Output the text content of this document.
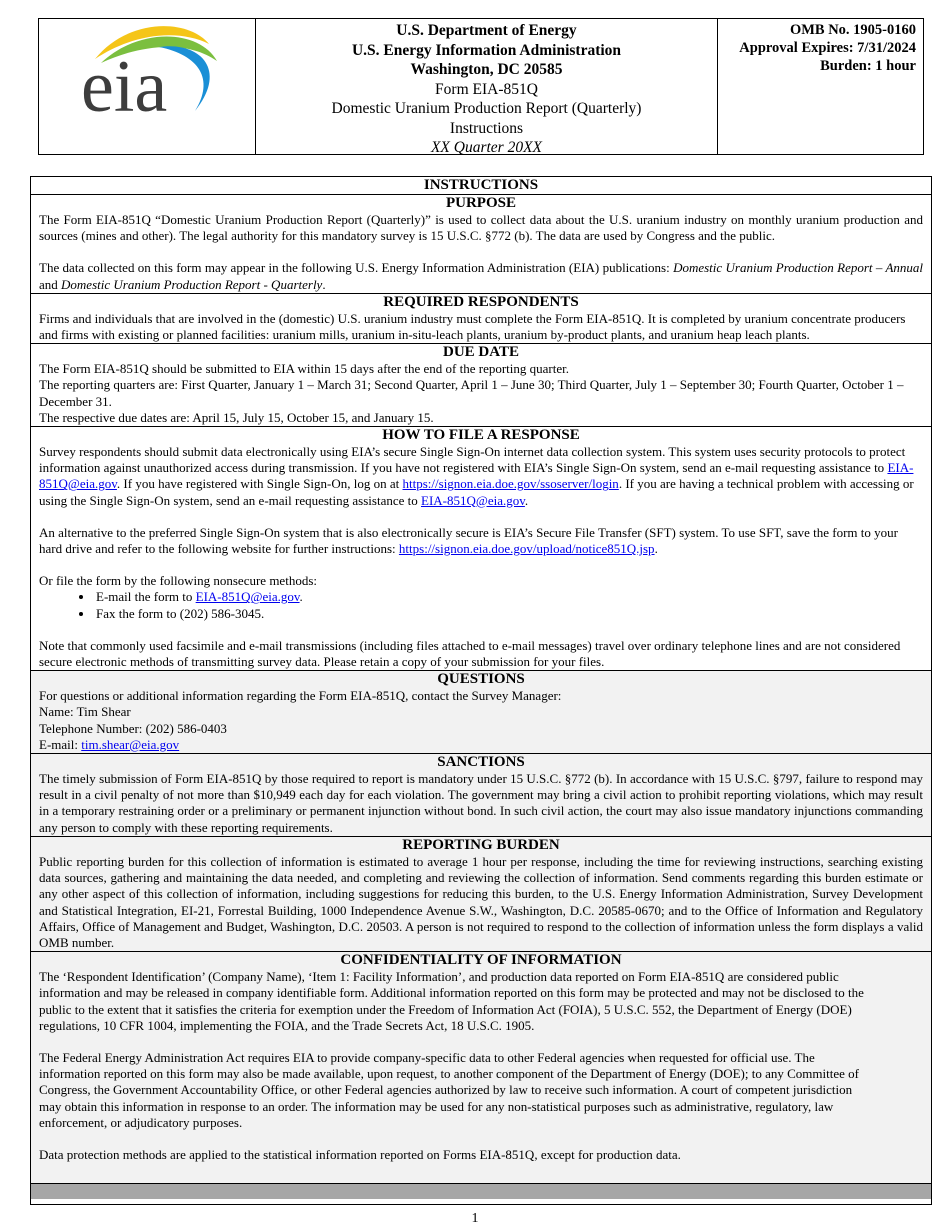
eia
U.S. Department of Energy
U.S. Energy Information Administration
Washington, DC 20585
Form EIA-851Q
Domestic Uranium Production Report (Quarterly)
Instructions
XX Quarter 20XX
OMB No. 1905-0160
Approval Expires: 7/31/2024
Burden: 1 hour
INSTRUCTIONS
PURPOSE

The Form EIA-851Q “Domestic Uranium Production Report (Quarterly)” is used to collect data about the U.S. uranium industry on monthly uranium production and sources (mines and other). The legal authority for this mandatory survey is 15 U.S.C. §772 (b). The data are used by Congress and the public.

The data collected on this form may appear in the following U.S. Energy Information Administration (EIA) publications: Domestic Uranium Production Report – Annual and Domestic Uranium Production Report - Quarterly.

REQUIRED RESPONDENTS

Firms and individuals that are involved in the (domestic) U.S. uranium industry must complete the Form EIA-851Q. It is completed by uranium concentrate producers and firms with existing or planned facilities: uranium mills, uranium in-situ-leach plants, uranium by-product plants, and uranium heap leach plants.

DUE DATE

The Form EIA-851Q should be submitted to EIA within 15 days after the end of the reporting quarter.

The reporting quarters are: First Quarter, January 1 – March 31; Second Quarter, April 1 – June 30; Third Quarter, July 1 – September 30; Fourth Quarter, October 1 – December 31.

The respective due dates are: April 15, July 15, October 15, and January 15.

HOW TO FILE A RESPONSE

Survey respondents should submit data electronically using EIA’s secure Single Sign-On internet data collection system. This system uses security protocols to protect information against unauthorized access during transmission. If you have not registered with EIA’s Single Sign-On system, send an e-mail requesting assistance to EIA-851Q@eia.gov. If you have registered with Single Sign-On, log on at https://signon.eia.doe.gov/ssoserver/login. If you are having a technical problem with accessing or using the Single Sign-On system, send an e-mail requesting assistance to EIA-851Q@eia.gov.

An alternative to the preferred Single Sign-On system that is also electronically secure is EIA’s Secure File Transfer (SFT) system. To use SFT, save the form to your hard drive and refer to the following website for further instructions: https://signon.eia.doe.gov/upload/notice851Q.jsp.

Or file the form by the following nonsecure methods:

• E-mail the form to EIA-851Q@eia.gov.
• Fax the form to (202) 586-3045.

Note that commonly used facsimile and e-mail transmissions (including files attached to e-mail messages) travel over ordinary telephone lines and are not considered secure electronic methods of transmitting survey data. Please retain a copy of your submission for your files.

QUESTIONS

For questions or additional information regarding the Form EIA-851Q, contact the Survey Manager:

Name: Tim Shear

Telephone Number: (202) 586-0403

E-mail: tim.shear@eia.gov

SANCTIONS

The timely submission of Form EIA-851Q by those required to report is mandatory under 15 U.S.C. §772 (b). In accordance with 15 U.S.C. §797, failure to respond may result in a civil penalty of not more than $10,949 each day for each violation. The government may bring a civil action to prohibit reporting violations, which may result in a temporary restraining order or a preliminary or permanent injunction without bond. In such civil action, the court may also issue mandatory injunctions commanding any person to comply with these reporting requirements.

REPORTING BURDEN

Public reporting burden for this collection of information is estimated to average 1 hour per response, including the time for reviewing instructions, searching existing data sources, gathering and maintaining the data needed, and completing and reviewing the collection of information. Send comments regarding this burden estimate or any other aspect of this collection of information, including suggestions for reducing this burden, to the U.S. Energy Information Administration, Survey Development and Statistical Integration, EI-21, Forrestal Building, 1000 Independence Avenue S.W., Washington, D.C. 20585-0670; and to the Office of Information and Regulatory Affairs, Office of Management and Budget, Washington, D.C. 20503. A person is not required to respond to the collection of information unless the form displays a valid OMB number.

CONFIDENTIALITY OF INFORMATION

The ‘Respondent Identification’ (Company Name), ‘Item 1: Facility Information’, and production data reported on Form EIA-851Q are considered public information and may be released in company identifiable form. Additional information reported on this form may be protected and may not be disclosed to the public to the extent that it satisfies the criteria for exemption under the Freedom of Information Act (FOIA), 5 U.S.C. 552, the Department of Energy (DOE) regulations, 10 CFR 1004, implementing the FOIA, and the Trade Secrets Act, 18 U.S.C. 1905.

The Federal Energy Administration Act requires EIA to provide company-specific data to other Federal agencies when requested for official use. The information reported on this form may also be made available, upon request, to another component of the Department of Energy (DOE); to any Committee of Congress, the Government Accountability Office, or other Federal agencies authorized by law to receive such information. A court of competent jurisdiction may obtain this information in response to an order. The information may be used for any non-statistical purposes such as administrative, regulatory, law enforcement, or adjudicatory purposes.

Data protection methods are applied to the statistical information reported on Forms EIA-851Q, except for production data.

1
